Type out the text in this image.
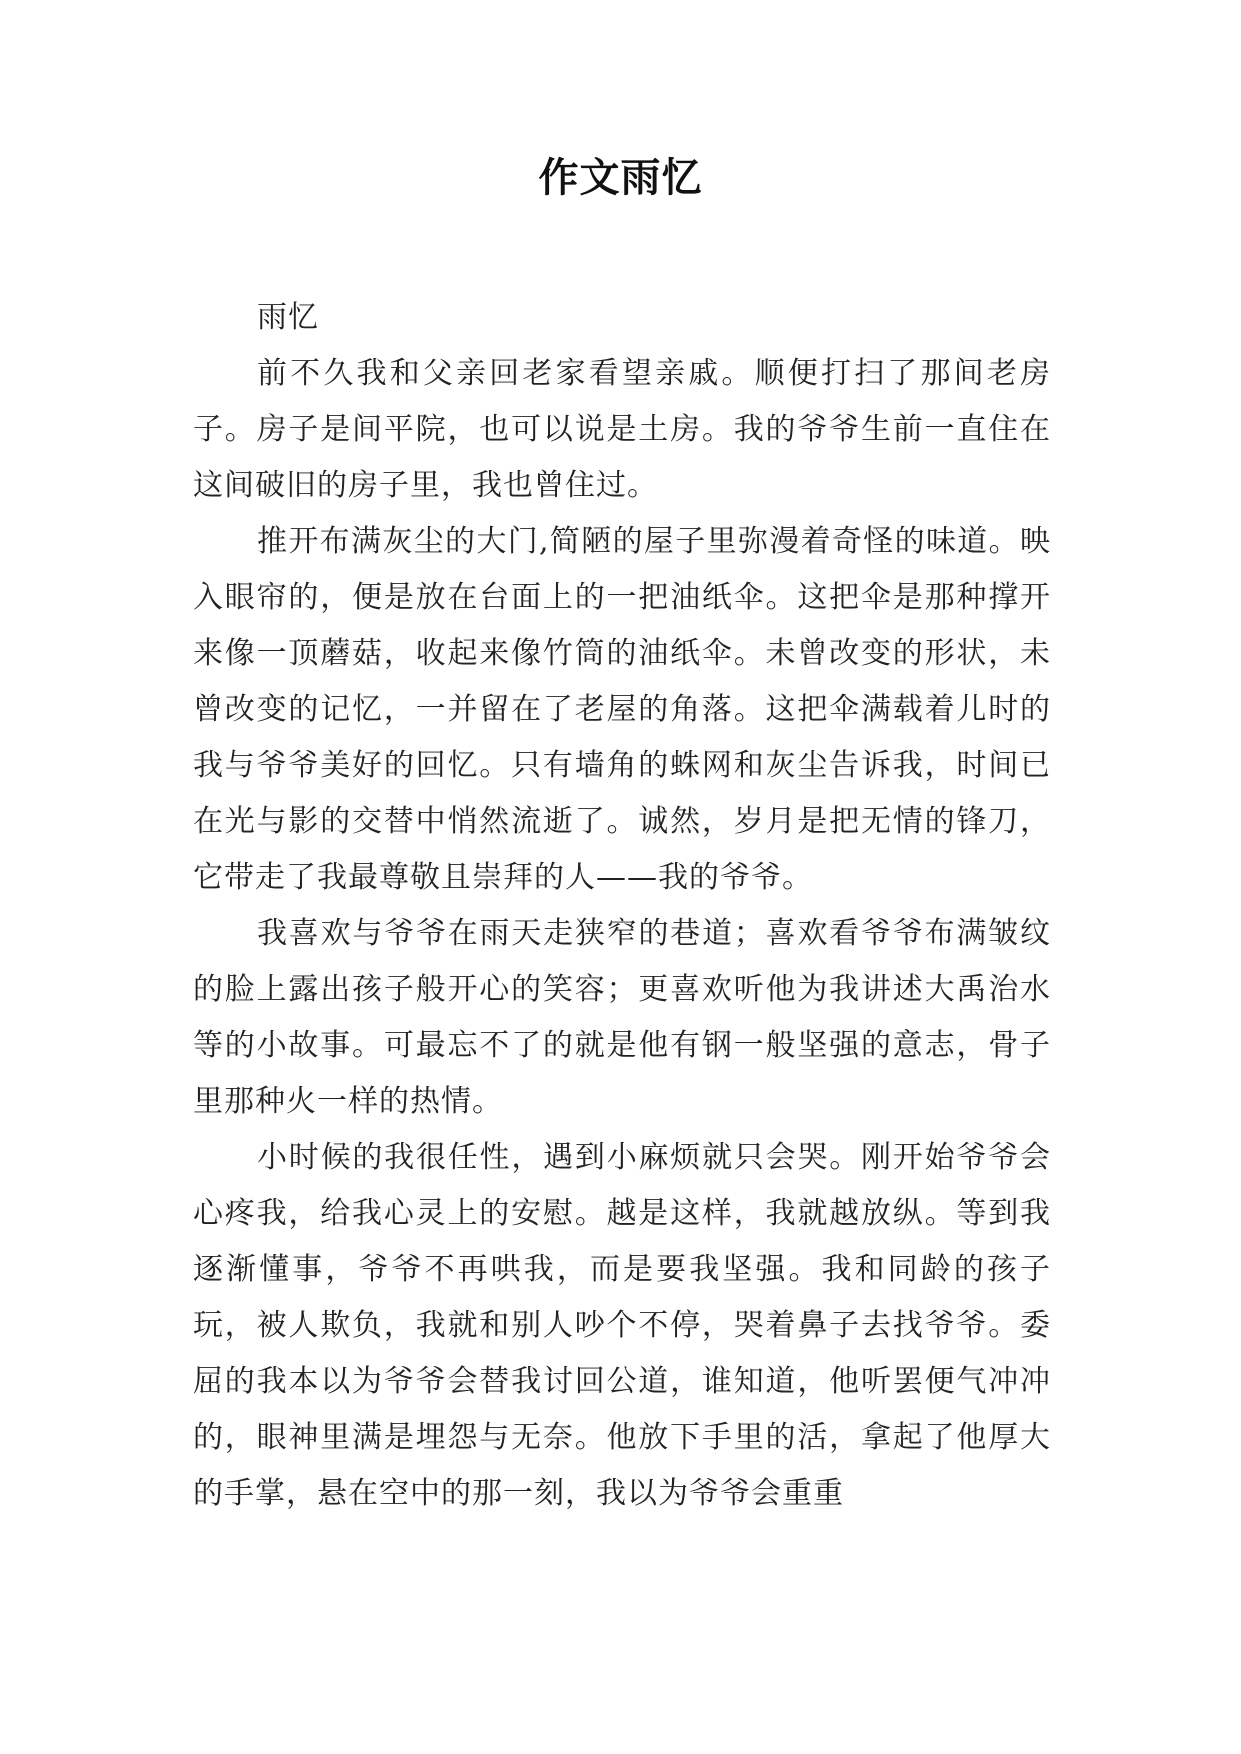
作文雨忆

雨忆

前不久我和父亲回老家看望亲戚。顺便打扫了那间老房子。房子是间平院，也可以说是土房。我的爷爷生前一直住在这间破旧的房子里，我也曾住过。

推开布满灰尘的大门,简陋的屋子里弥漫着奇怪的味道。映入眼帘的，便是放在台面上的一把油纸伞。这把伞是那种撑开来像一顶蘑菇，收起来像竹筒的油纸伞。未曾改变的形状，未曾改变的记忆，一并留在了老屋的角落。这把伞满载着儿时的我与爷爷美好的回忆。只有墙角的蛛网和灰尘告诉我，时间已在光与影的交替中悄然流逝了。诚然，岁月是把无情的锋刀，它带走了我最尊敬且崇拜的人——我的爷爷。

我喜欢与爷爷在雨天走狭窄的巷道；喜欢看爷爷布满皱纹的脸上露出孩子般开心的笑容；更喜欢听他为我讲述大禹治水等的小故事。可最忘不了的就是他有钢一般坚强的意志，骨子里那种火一样的热情。

小时候的我很任性，遇到小麻烦就只会哭。刚开始爷爷会心疼我，给我心灵上的安慰。越是这样，我就越放纵。等到我逐渐懂事，爷爷不再哄我，而是要我坚强。我和同龄的孩子玩，被人欺负，我就和别人吵个不停，哭着鼻子去找爷爷。委屈的我本以为爷爷会替我讨回公道，谁知道，他听罢便气冲冲的，眼神里满是埋怨与无奈。他放下手里的活，拿起了他厚大的手掌，悬在空中的那一刻，我以为爷爷会重重
